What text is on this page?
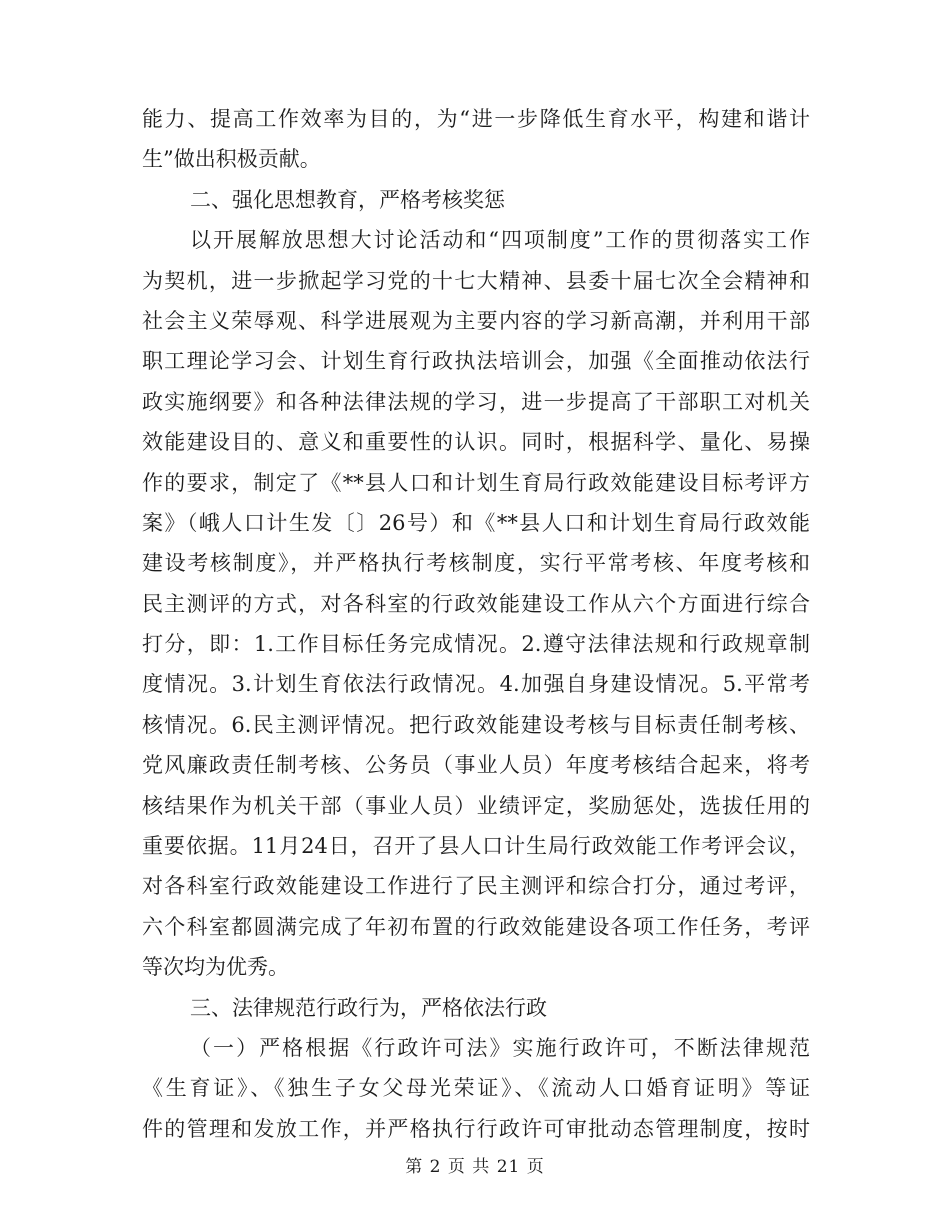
能力、提高工作效率为目的，为“进一步降低生育水平，构建和谐计
生”做出积极贡献。
二、强化思想教育，严格考核奖惩
以开展解放思想大讨论活动和“四项制度”工作的贯彻落实工作
为契机，进一步掀起学习党的十七大精神、县委十届七次全会精神和
社会主义荣辱观、科学进展观为主要内容的学习新高潮，并利用干部
职工理论学习会、计划生育行政执法培训会，加强《全面推动依法行
政实施纲要》和各种法律法规的学习，进一步提高了干部职工对机关
效能建设目的、意义和重要性的认识。同时，根据科学、量化、易操
作的要求，制定了《**县人口和计划生育局行政效能建设目标考评方
案》（峨人口计生发〔〕26号）和《**县人口和计划生育局行政效能
建设考核制度》，并严格执行考核制度，实行平常考核、年度考核和
民主测评的方式，对各科室的行政效能建设工作从六个方面进行综合
打分，即：1.工作目标任务完成情况。2.遵守法律法规和行政规章制
度情况。3.计划生育依法行政情况。4.加强自身建设情况。5.平常考
核情况。6.民主测评情况。把行政效能建设考核与目标责任制考核、
党风廉政责任制考核、公务员（事业人员）年度考核结合起来，将考
核结果作为机关干部（事业人员）业绩评定，奖励惩处，选拔任用的
重要依据。11月24日，召开了县人口计生局行政效能工作考评会议，
对各科室行政效能建设工作进行了民主测评和综合打分，通过考评，
六个科室都圆满完成了年初布置的行政效能建设各项工作任务，考评
等次均为优秀。
三、法律规范行政行为，严格依法行政
（一）严格根据《行政许可法》实施行政许可，不断法律规范
《生育证》、《独生子女父母光荣证》、《流动人口婚育证明》等证
件的管理和发放工作，并严格执行行政许可审批动态管理制度，按时
第 2 页 共 21 页
